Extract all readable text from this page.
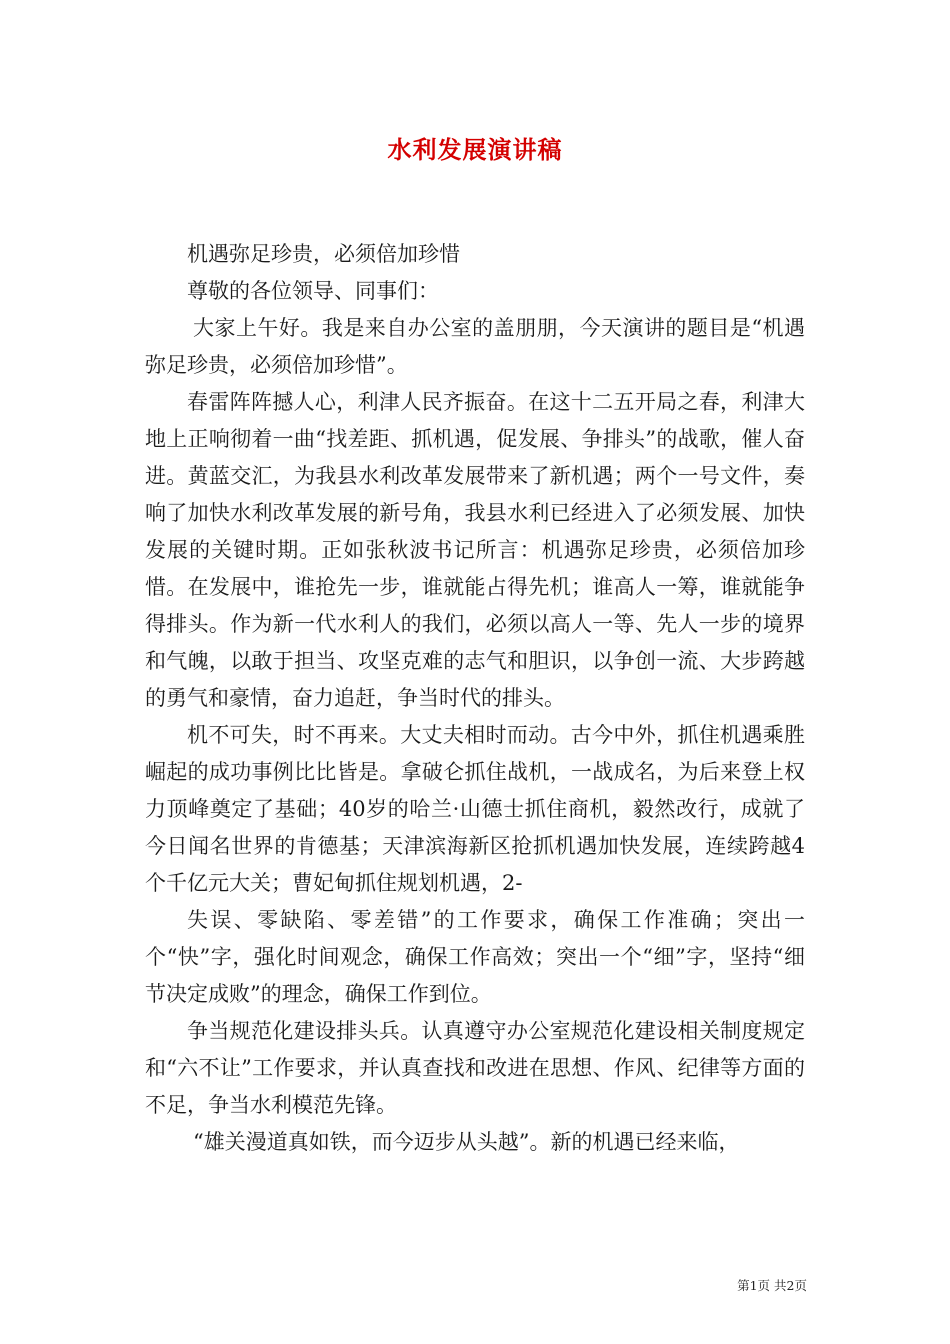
水利发展演讲稿

机遇弥足珍贵，必须倍加珍惜

尊敬的各位领导、同事们：

大家上午好。我是来自办公室的盖朋朋，今天演讲的题目是“机遇弥足珍贵，必须倍加珍惜”。

春雷阵阵撼人心，利津人民齐振奋。在这十二五开局之春，利津大地上正响彻着一曲“找差距、抓机遇，促发展、争排头”的战歌，催人奋进。黄蓝交汇，为我县水利改革发展带来了新机遇；两个一号文件，奏响了加快水利改革发展的新号角，我县水利已经进入了必须发展、加快发展的关键时期。正如张秋波书记所言：机遇弥足珍贵，必须倍加珍惜。在发展中，谁抢先一步，谁就能占得先机；谁高人一筹，谁就能争得排头。作为新一代水利人的我们，必须以高人一等、先人一步的境界和气魄，以敢于担当、攻坚克难的志气和胆识，以争创一流、大步跨越的勇气和豪情，奋力追赶，争当时代的排头。

机不可失，时不再来。大丈夫相时而动。古今中外，抓住机遇乘胜崛起的成功事例比比皆是。拿破仑抓住战机，一战成名，为后来登上权力顶峰奠定了基础；40岁的哈兰·山德士抓住商机，毅然改行，成就了今日闻名世界的肯德基；天津滨海新区抢抓机遇加快发展，连续跨越4个千亿元大关；曹妃甸抓住规划机遇，2-

失误、零缺陷、零差错”的工作要求，确保工作准确；突出一个“快”字，强化时间观念，确保工作高效；突出一个“细”字，坚持“细节决定成败”的理念，确保工作到位。

争当规范化建设排头兵。认真遵守办公室规范化建设相关制度规定和“六不让”工作要求，并认真查找和改进在思想、作风、纪律等方面的不足，争当水利模范先锋。

“雄关漫道真如铁，而今迈步从头越”。新的机遇已经来临，

第1页 共2页
